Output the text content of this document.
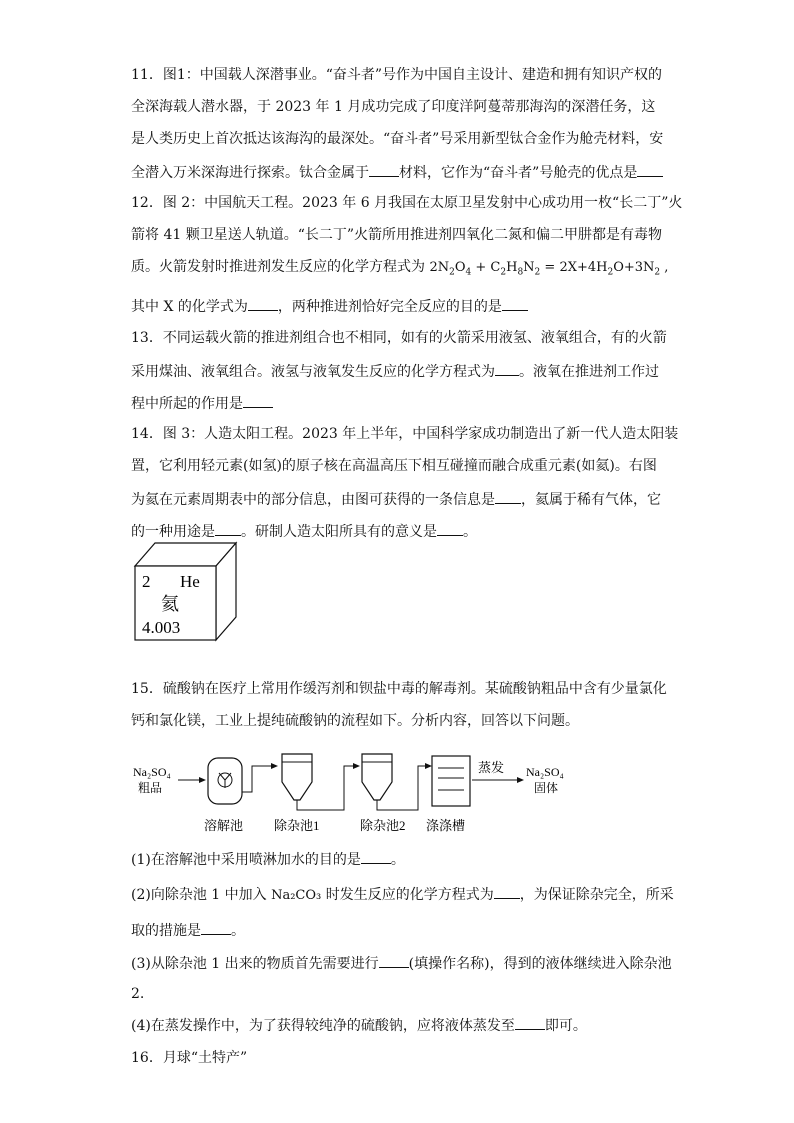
11．图1：中国载人深潜事业。“奋斗者”号作为中国自主设计、建造和拥有知识产权的
全深海载人潜水器，于 2023 年 1 月成功完成了印度洋阿蔓蒂那海沟的深潜任务，这
是人类历史上首次抵达该海沟的最深处。“奋斗者”号采用新型钛合金作为舱壳材料，安
全潜入万米深海进行探索。钛合金属于 材料，它作为“奋斗者”号舱壳的优点是
12．图 2：中国航天工程。2023 年 6 月我国在太原卫星发射中心成功用一枚“长二丁”火
箭将 41 颗卫星送人轨道。“长二丁”火箭所用推进剂四氧化二氮和偏二甲肼都是有毒物
质。火箭发射时推进剂发生反应的化学方程式为 $2N_2O_4 + C_2H_8N_2 = 2X+4H_2O+3N_2$ ,
其中 X 的化学式为 ，两种推进剂恰好完全反应的目的是
13．不同运载火箭的推进剂组合也不相同，如有的火箭采用液氢、液氧组合，有的火箭
采用煤油、液氧组合。液氢与液氧发生反应的化学方程式为 。液氧在推进剂工作过
程中所起的作用是
14．图 3：人造太阳工程。2023 年上半年，中国科学家成功制造出了新一代人造太阳装
置，它利用轻元素(如氢)的原子核在高温高压下相互碰撞而融合成重元素(如氦)。右图
为氦在元素周期表中的部分信息，由图可获得的一条信息是 ，氦属于稀有气体，它
的一种用途是 。研制人造太阳所具有的意义是 。
2 He
氦
4.003
15．硫酸钠在医疗上常用作缓泻剂和钡盐中毒的解毒剂。某硫酸钠粗品中含有少量氯化
钙和氯化镁，工业上提纯硫酸钠的流程如下。分析内容，回答以下问题。
Na₂SO₄
粗品
溶解池 除杂池1	除杂池2 涤涤槽
蒸发 Na₂SO₄
固体
(1)在溶解池中采用喷淋加水的目的是 。
(2)向除杂池 1 中加入 Na₂CO₃ 时发生反应的化学方程式为 ，为保证除杂完全，所采
取的措施是 。
(3)从除杂池 1 出来的物质首先需要进行 (填操作名称)，得到的液体继续进入除杂池
2.
(4)在蒸发操作中，为了获得较纯净的硫酸钠，应将液体蒸发至 即可。
16．月球“土特产”
